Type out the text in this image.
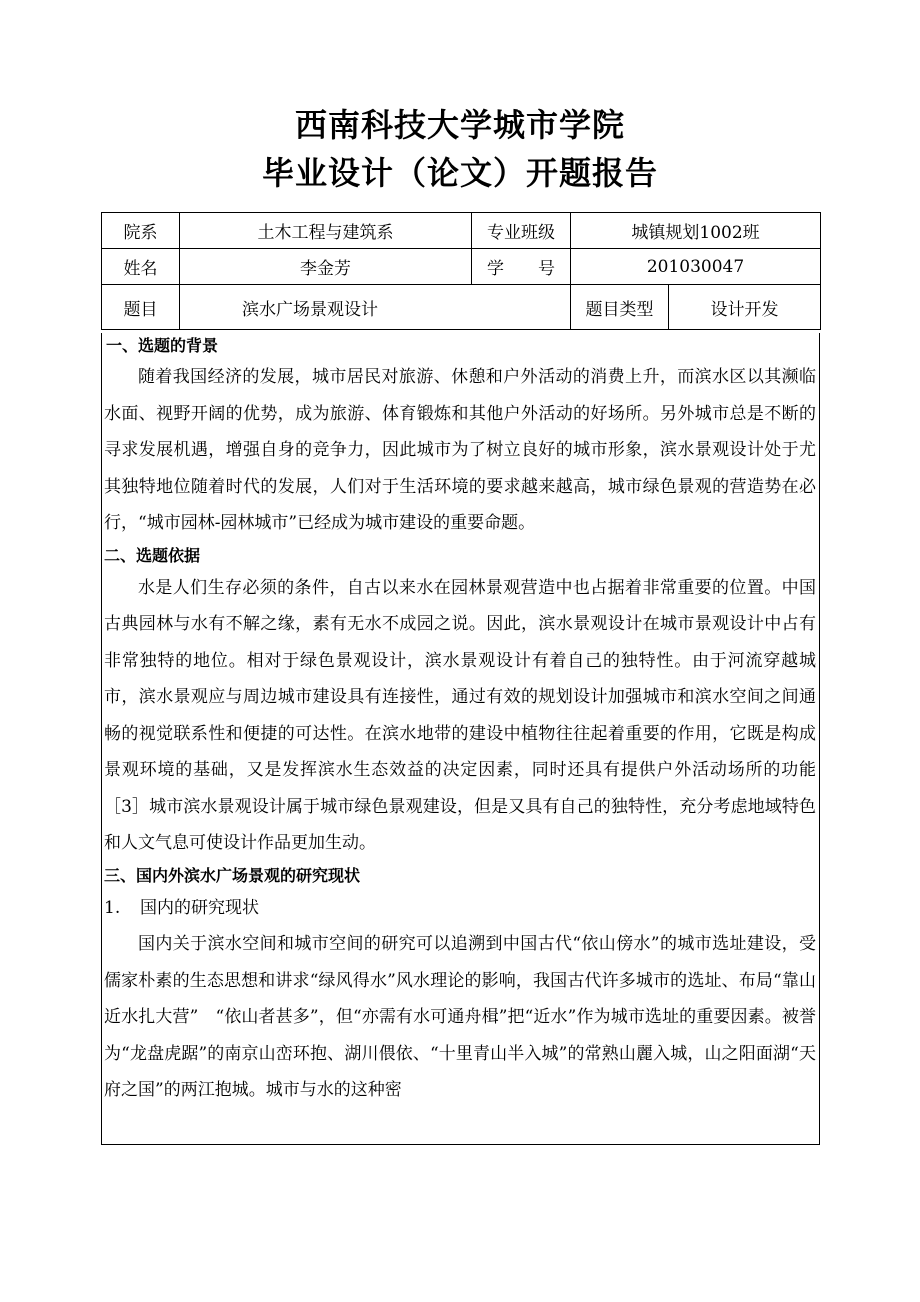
西南科技大学城市学院
毕业设计（论文）开题报告
院系	土木工程与建筑系	专业班级	城镇规划1002班	
姓名	李金芳	学　　号	201030047	
题目	滨水广场景观设计		题目类型	设计开发

一、选题的背景

随着我国经济的发展，城市居民对旅游、休憩和户外活动的消费上升，而滨水区以其濒临水面、视野开阔的优势，成为旅游、体育锻炼和其他户外活动的好场所。另外城市总是不断的寻求发展机遇，增强自身的竞争力，因此城市为了树立良好的城市形象，滨水景观设计处于尤其独特地位随着时代的发展，人们对于生活环境的要求越来越高，城市绿色景观的营造势在必行，“城市园林-园林城市”已经成为城市建设的重要命题。

二、选题依据

水是人们生存必须的条件，自古以来水在园林景观营造中也占据着非常重要的位置。中国古典园林与水有不解之缘，素有无水不成园之说。因此，滨水景观设计在城市景观设计中占有非常独特的地位。相对于绿色景观设计，滨水景观设计有着自己的独特性。由于河流穿越城市，滨水景观应与周边城市建设具有连接性，通过有效的规划设计加强城市和滨水空间之间通畅的视觉联系性和便捷的可达性。在滨水地带的建设中植物往往起着重要的作用，它既是构成景观环境的基础，又是发挥滨水生态效益的决定因素，同时还具有提供户外活动场所的功能［3］城市滨水景观设计属于城市绿色景观建设，但是又具有自己的独特性，充分考虑地域特色和人文气息可使设计作品更加生动。

三、国内外滨水广场景观的研究现状

1. 国内的研究现状

国内关于滨水空间和城市空间的研究可以追溯到中国古代“依山傍水”的城市选址建设，受儒家朴素的生态思想和讲求“绿风得水”风水理论的影响，我国古代许多城市的选址、布局“靠山近水扎大营”　“依山者甚多”，但“亦需有水可通舟楫”把“近水”作为城市选址的重要因素。被誉为“龙盘虎踞”的南京山峦环抱、湖川偎依、“十里青山半入城”的常熟山麗入城，山之阳面湖“天府之国”的两江抱城。城市与水的这种密
